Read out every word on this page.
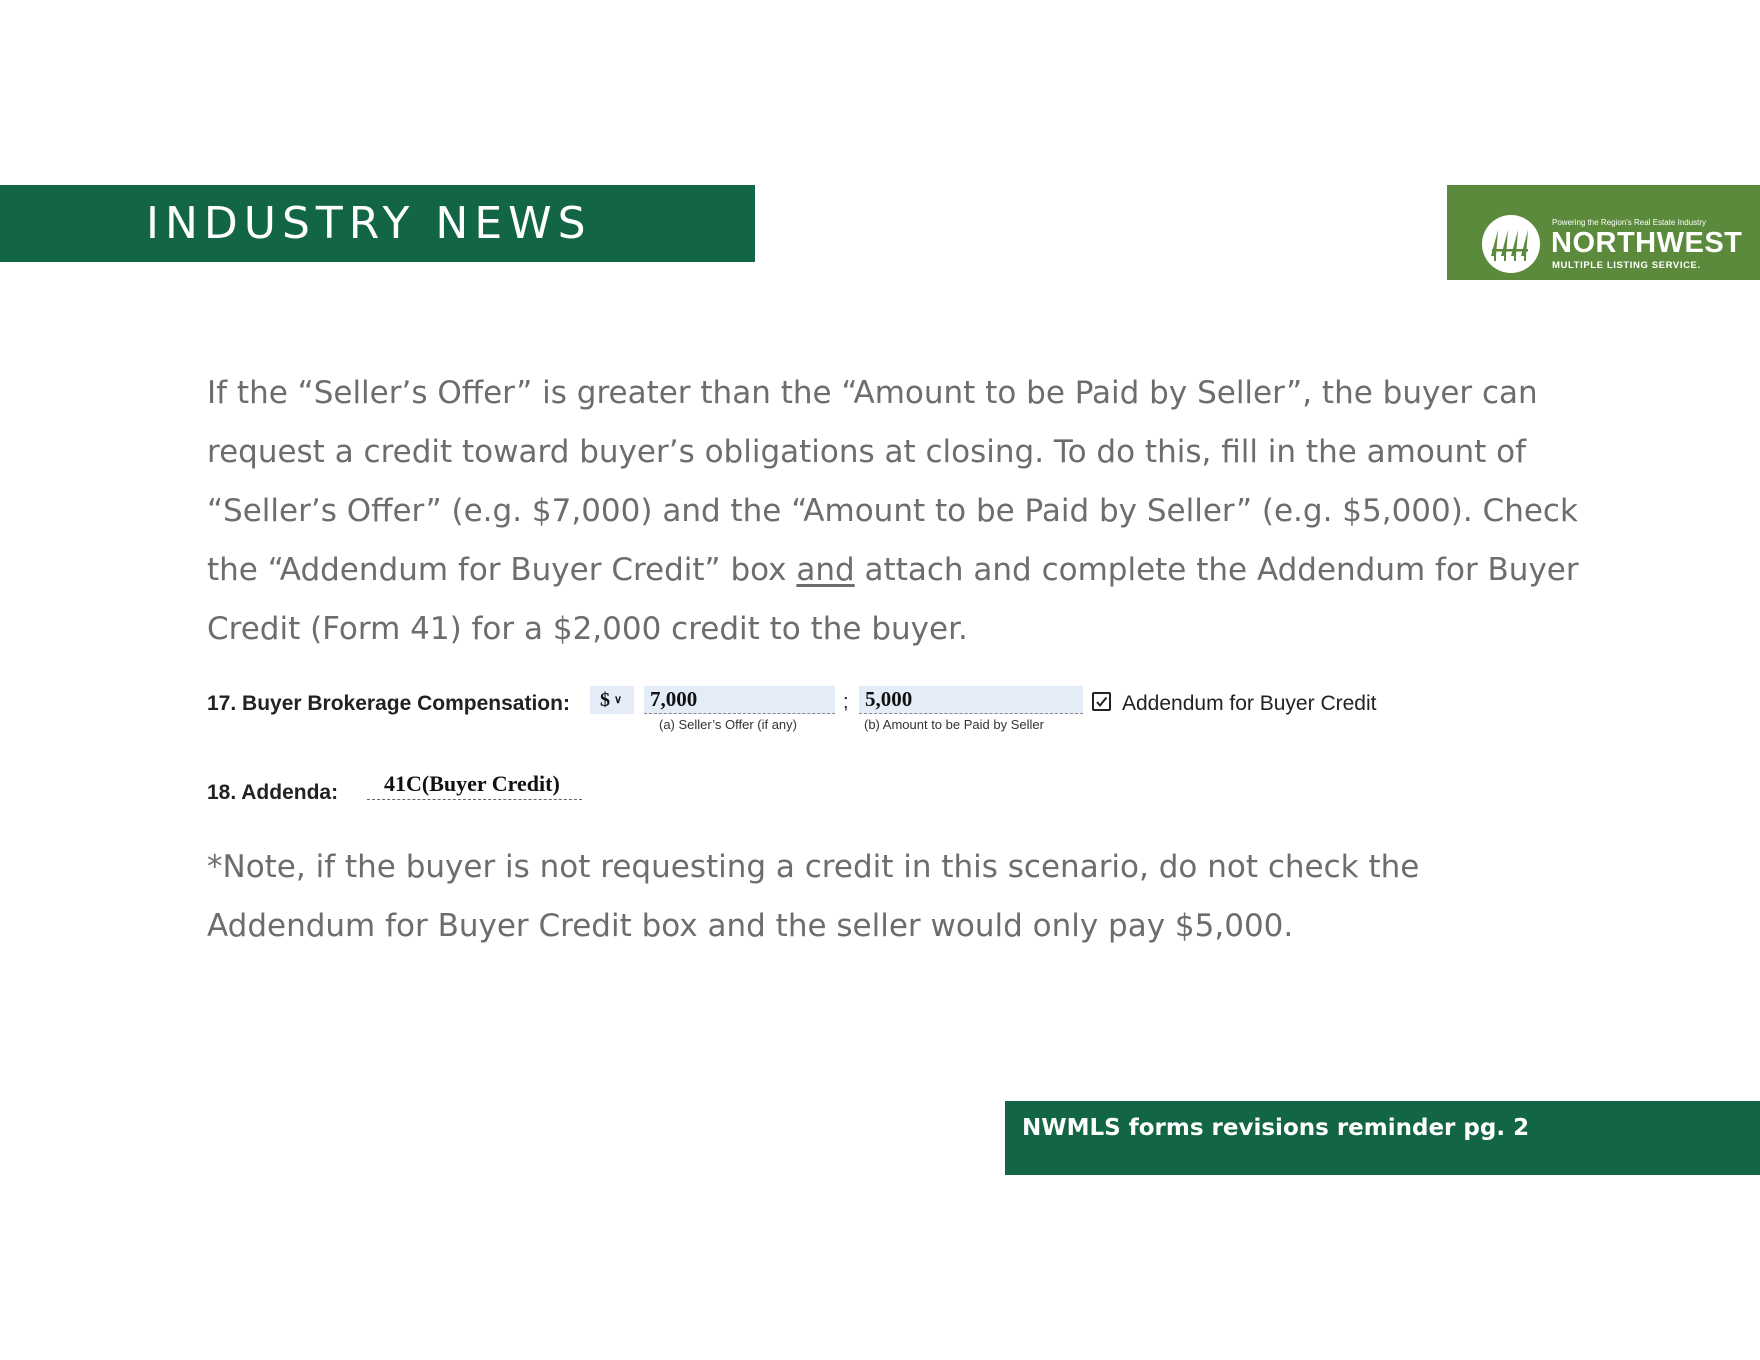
INDUSTRY NEWS	Powering the Region's Real Estate Industry
NORTHWEST
MULTIPLE LISTING SERVICE.
If the “Seller’s Offer” is greater than the “Amount to be Paid by Seller”, the buyer can
request a credit toward buyer’s obligations at closing. To do this, fill in the amount of
“Seller’s Offer” (e.g. $7,000) and the “Amount to be Paid by Seller” (e.g. $5,000). Check
the “Addendum for Buyer Credit” box and attach and complete the Addendum for Buyer
Credit (Form 41) for a $2,000 credit to the buyer.
17. Buyer Brokerage Compensation:	$ ∨	7,000
(a) Seller’s Offer (if any)
; 5,000
(b) Amount to be Paid by Seller
Addendum for Buyer Credit
18. Addenda:	41C(Buyer Credit)
*Note, if the buyer is not requesting a credit in this scenario, do not check the
Addendum for Buyer Credit box and the seller would only pay $5,000.
NWMLS forms revisions reminder pg. 2
